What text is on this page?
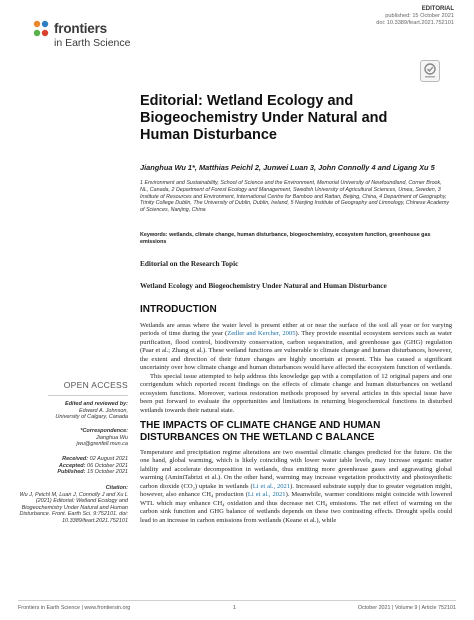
frontiers
in Earth Science
EDITORIAL
published: 15 October 2021
doi: 10.3389/feart.2021.752101
Editorial: Wetland Ecology and Biogeochemistry Under Natural and Human Disturbance
Jianghua Wu 1*, Matthias Peichl 2, Junwei Luan 3, John Connolly 4 and Ligang Xu 5
1 Environment and Sustainability, School of Science and the Environment, Memorial University of Newfoundland, Corner Brook, NL, Canada, 2 Department of Forest Ecology and Management, Swedish University of Agricultural Sciences, Umea, Sweden, 3 Institute of Resources and Environment, International Centre for Bamboo and Rattan, Beijing, China, 4 Department of Geography, Trinity College Dublin, The University of Dublin, Dublin, Ireland, 5 Nanjing Institute of Geography and Limnology, Chinese Academy of Sciences, Nanjing, China
Keywords: wetlands, climate change, human disturbance, biogeochemistry, ecosystem function, greenhouse gas emissions
Editorial on the Research Topic
Wetland Ecology and Biogeochemistry Under Natural and Human Disturbance
INTRODUCTION

Wetlands are areas where the water level is present either at or near the surface of the soil all year or for varying periods of time during the year (Zedler and Kercher, 2005). They provide essential ecosystem services such as water purification, flood control, biodiversity conservation, carbon sequestration, and greenhouse gas (GHG) regulation (Paar et al.; Zhang et al.). These wetland functions are vulnerable to climate change and human disturbances, however, the extent and direction of their future changes are highly uncertain at present. This has caused a significant uncertainty over how climate change and human disturbances would have affected the ecosystem function of wetlands.

This special issue attempted to help address this knowledge gap with a compilation of 12 original papers and one corrigendum which reported recent findings on the effects of climate change and human disturbances on wetland ecosystem functions. Moreover, various restoration methods proposed by several articles in this special issue have been put forward to evaluate the opportunities and limitations in returning biogeochemical functions in disturbed wetlands towards their natural state.

THE IMPACTS OF CLIMATE CHANGE AND HUMAN DISTURBANCES ON THE WETLAND C BALANCE

Temperature and precipitation regime alterations are two essential climatic changes predicted for the future. On the one hand, global warming, which is likely coinciding with lower water table levels, may increase organic matter lability and accelerate decomposition in wetlands, thus emitting more greenhouse gases and aggravating global warming (AminiTabrizi et al.). On the other hand, warming may increase vegetation productivity and photosynthetic carbon dioxide (CO₂) uptake in wetlands (Li et al., 2021). Increased substrate supply due to greater vegetation might, however, also enhance CH₄ production (Li et al., 2021). Meanwhile, warmer conditions might coincide with lowered WTL which may enhance CH₄ oxidation and thus decrease net CH₄ emissions. The net effect of warming on the carbon sink function and GHG balance of wetlands depends on these two contrasting effects. Drought spells could lead to an increase in carbon emissions from wetlands (Keane et al.), while

OPEN ACCESS
Edited and reviewed by:
Edward A. Johnson,
University of Calgary, Canada
*Correspondence:
Jianghua Wu
jwu@grenfell.mun.ca
Received: 02 August 2021
Accepted: 06 October 2021
Published: 15 October 2021
Citation:
Wu J, Peichl M, Luan J, Connolly J and Xu L (2021) Editorial: Wetland Ecology and Biogeochemistry Under Natural and Human Disturbance. Front. Earth Sci. 9:752101. doi: 10.3389/feart.2021.752101
Frontiers in Earth Science | www.frontiersin.org	1	October 2021 | Volume 9 | Article 752101
